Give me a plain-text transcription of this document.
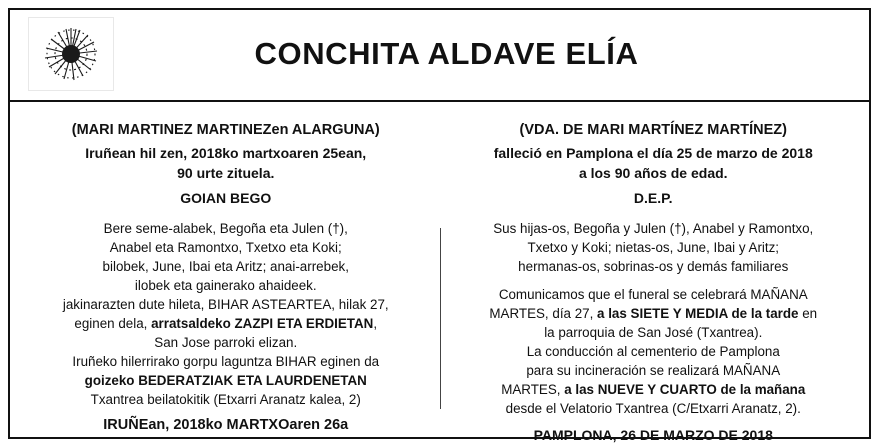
CONCHITA ALDAVE ELÍA

(MARI MARTINEZ MARTINEZen ALARGUNA)

Iruñean hil zen, 2018ko martxoaren 25ean,

90 urte zituela.

GOIAN BEGO

Bere seme-alabek, Begoña eta Julen (†),

Anabel eta Ramontxo, Txetxo eta Koki;

bilobek, June, Ibai eta Aritz; anai-arrebek,

ilobek eta gainerako ahaideek.

jakinarazten dute hileta, BIHAR ASTEARTEA, hilak 27,

eginen dela, arratsaldeko ZAZPI ETA ERDIETAN,

San Jose parroki elizan.

Iruñeko hilerrirako gorpu laguntza BIHAR eginen da

goizeko BEDERATZIAK ETA LAURDENETAN

Txantrea beilatokitik (Etxarri Aranatz kalea, 2)

IRUÑEan, 2018ko MARTXOaren 26a

(VDA. DE MARI MARTÍNEZ MARTÍNEZ)

falleció en Pamplona el día 25 de marzo de 2018

a los 90 años de edad.

D.E.P.

Sus hijas-os, Begoña y Julen (†), Anabel y Ramontxo,

Txetxo y Koki; nietas-os, June, Ibai y Aritz;

hermanas-os, sobrinas-os y demás familiares

Comunicamos que el funeral se celebrará MAÑANA

MARTES, día 27, a las SIETE Y MEDIA de la tarde en

la parroquia de San José (Txantrea).

La conducción al cementerio de Pamplona

para su incineración se realizará MAÑANA

MARTES, a las NUEVE Y CUARTO de la mañana

desde el Velatorio Txantrea (C/Etxarri Aranatz, 2).

PAMPLONA, 26 DE MARZO DE 2018
